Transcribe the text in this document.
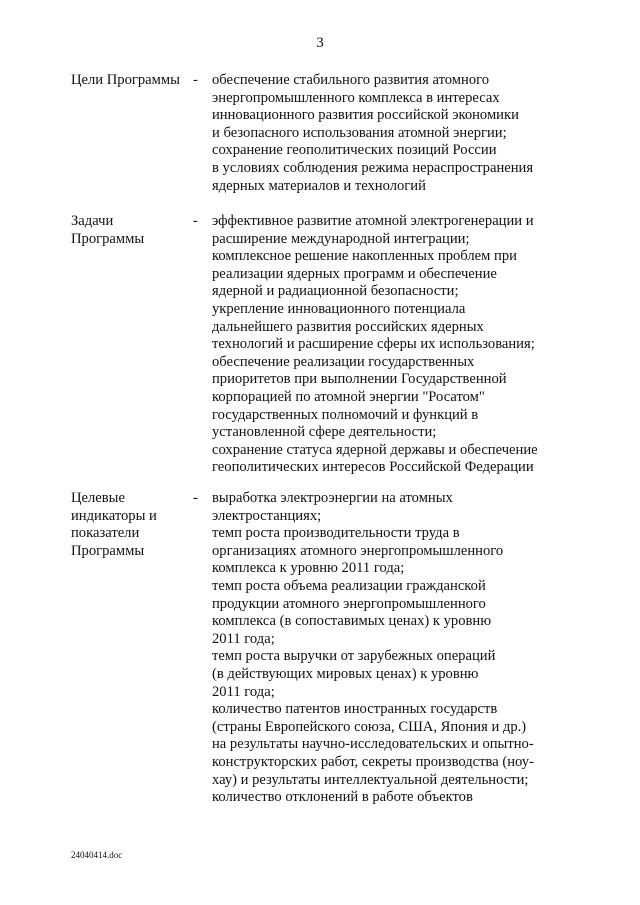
3
Цели Программы - обеспечение стабильного развития атомного
энергопромышленного комплекса в интересах
инновационного развития российской экономики
и безопасного использования атомной энергии;
сохранение геополитических позиций России
в условиях соблюдения режима нераспространения
ядерных материалов и технологий
Задачи
Программы
- эффективное развитие атомной электрогенерации и
расширение международной интеграции;
комплексное решение накопленных проблем при
реализации ядерных программ и обеспечение
ядерной и радиационной безопасности;
укрепление инновационного потенциала
дальнейшего развития российских ядерных
технологий и расширение сферы их использования;
обеспечение реализации государственных
приоритетов при выполнении Государственной
корпорацией по атомной энергии "Росатом"
государственных полномочий и функций в
установленной сфере деятельности;
сохранение статуса ядерной державы и обеспечение
геополитических интересов Российской Федерации
Целевые
индикаторы и
показатели
Программы
- выработка электроэнергии на атомных
электростанциях;
темп роста производительности труда в
организациях атомного энергопромышленного
комплекса к уровню 2011 года;
темп роста объема реализации гражданской
продукции атомного энергопромышленного
комплекса (в сопоставимых ценах) к уровню
2011 года;
темп роста выручки от зарубежных операций
(в действующих мировых ценах) к уровню
2011 года;
количество патентов иностранных государств
(страны Европейского союза, США, Япония и др.)
на результаты научно-исследовательских и опытно-
конструкторских работ, секреты производства (ноу-
хау) и результаты интеллектуальной деятельности;
количество отклонений в работе объектов
24040414.doc
